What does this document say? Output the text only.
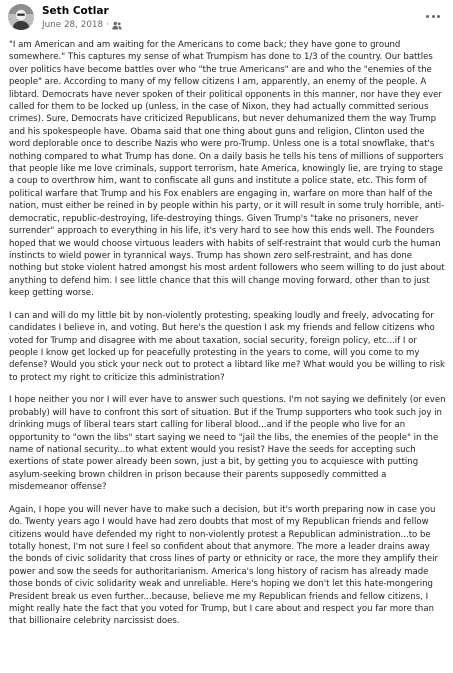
Seth Cotlar
June 28, 2018 ·

"I am American and am waiting for the Americans to come back; they have gone to ground somewhere." This captures my sense of what Trumpism has done to 1/3 of the country. Our battles over politics have become battles over who "the true Americans" are and who the "enemies of the people" are. According to many of my fellow citizens I am, apparently, an enemy of the people. A libtard. Democrats have never spoken of their political opponents in this manner, nor have they ever called for them to be locked up (unless, in the case of Nixon, they had actually committed serious crimes). Sure, Democrats have criticized Republicans, but never dehumanized them the way Trump and his spokespeople have. Obama said that one thing about guns and religion, Clinton used the word deplorable once to describe Nazis who were pro-Trump. Unless one is a total snowflake, that's nothing compared to what Trump has done. On a daily basis he tells his tens of millions of supporters that people like me love criminals, support terrorism, hate America, knowingly lie, are trying to stage a coup to overthrow him, want to confiscate all guns and institute a police state, etc. This form of political warfare that Trump and his Fox enablers are engaging in, warfare on more than half of the nation, must either be reined in by people within his party, or it will result in some truly horrible, anti-democratic, republic-destroying, life-destroying things. Given Trump's "take no prisoners, never surrender" approach to everything in his life, it's very hard to see how this ends well. The Founders hoped that we would choose virtuous leaders with habits of self-restraint that would curb the human instincts to wield power in tyrannical ways. Trump has shown zero self-restraint, and has done nothing but stoke violent hatred amongst his most ardent followers who seem willing to do just about anything to defend him. I see little chance that this will change moving forward, other than to just keep getting worse.

I can and will do my little bit by non-violently protesting, speaking loudly and freely, advocating for candidates I believe in, and voting. But here's the question I ask my friends and fellow citizens who voted for Trump and disagree with me about taxation, social security, foreign policy, etc...if I or people I know get locked up for peacefully protesting in the years to come, will you come to my defense? Would you stick your neck out to protect a libtard like me? What would you be willing to risk to protect my right to criticize this administration?

I hope neither you nor I will ever have to answer such questions. I'm not saying we definitely (or even probably) will have to confront this sort of situation. But if the Trump supporters who took such joy in drinking mugs of liberal tears start calling for liberal blood...and if the people who live for an opportunity to "own the libs" start saying we need to "jail the libs, the enemies of the people" in the name of national security...to what extent would you resist? Have the seeds for accepting such exertions of state power already been sown, just a bit, by getting you to acquiesce with putting asylum-seeking brown children in prison because their parents supposedly committed a misdemeanor offense?

Again, I hope you will never have to make such a decision, but it's worth preparing now in case you do. Twenty years ago I would have had zero doubts that most of my Republican friends and fellow citizens would have defended my right to non-violently protest a Republican administration...to be totally honest, I'm not sure I feel so confident about that anymore. The more a leader drains away the bonds of civic solidarity that cross lines of party or ethnicity or race, the more they amplify their power and sow the seeds for authoritarianism. America's long history of racism has already made those bonds of civic solidarity weak and unreliable. Here's hoping we don't let this hate-mongering President break us even further...because, believe me my Republican friends and fellow citizens, I might really hate the fact that you voted for Trump, but I care about and respect you far more than that billionaire celebrity narcissist does.
